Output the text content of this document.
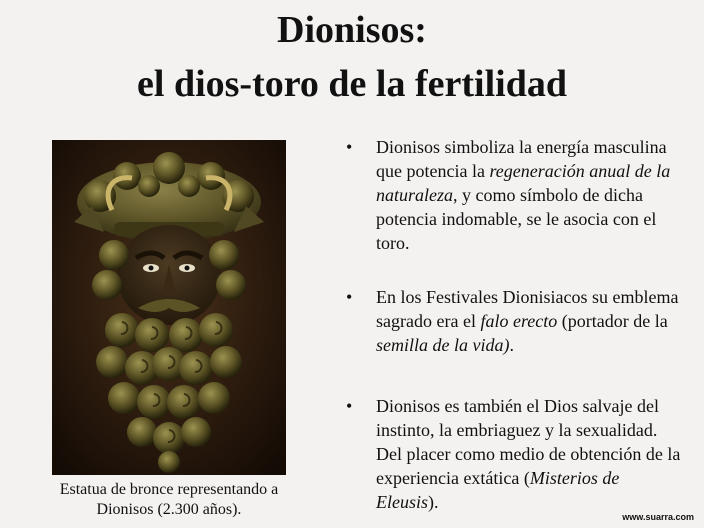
Dionisos:
el dios-toro de la fertilidad
Estatua de bronce representando a
Dionisos (2.300 años).
• Dionisos simboliza la energía masculina que potencia la regeneración anual de la naturaleza, y como símbolo de dicha potencia indomable, se le asocia con el toro.
• En los Festivales Dionisiacos su emblema sagrado era el falo erecto (portador de la semilla de la vida).
• Dionisos es también el Dios salvaje del instinto, la embriaguez y la sexualidad. Del placer como medio de obtención de la experiencia extática (Misterios de Eleusis).
www.suarra.com
